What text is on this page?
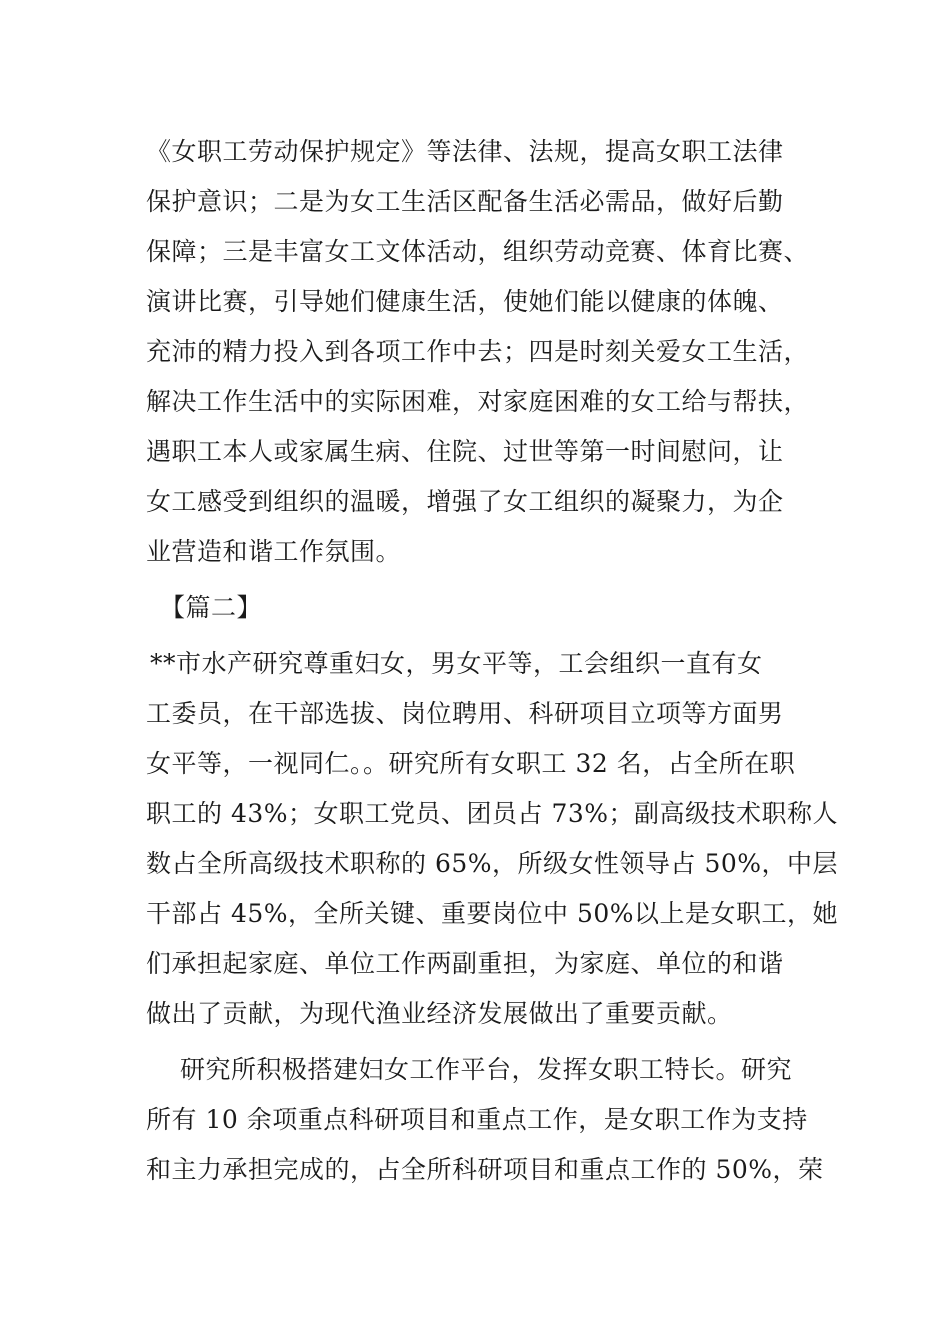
《女职工劳动保护规定》等法律、法规，提高女职工法律
保护意识；二是为女工生活区配备生活必需品，做好后勤
保障；三是丰富女工文体活动，组织劳动竞赛、体育比赛、
演讲比赛，引导她们健康生活，使她们能以健康的体魄、
充沛的精力投入到各项工作中去；四是时刻关爱女工生活，
解决工作生活中的实际困难，对家庭困难的女工给与帮扶，
遇职工本人或家属生病、住院、过世等第一时间慰问，让
女工感受到组织的温暖，增强了女工组织的凝聚力，为企
业营造和谐工作氛围。
【篇二】
**市水产研究尊重妇女，男女平等，工会组织一直有女
工委员，在干部选拔、岗位聘用、科研项目立项等方面男
女平等，一视同仁。。研究所有女职工 32 名，占全所在职
职工的 43%；女职工党员、团员占 73%；副高级技术职称人
数占全所高级技术职称的 65%，所级女性领导占 50%，中层
干部占 45%，全所关键、重要岗位中 50%以上是女职工，她
们承担起家庭、单位工作两副重担，为家庭、单位的和谐
做出了贡献，为现代渔业经济发展做出了重要贡献。
研究所积极搭建妇女工作平台，发挥女职工特长。研究
所有 10 余项重点科研项目和重点工作，是女职工作为支持
和主力承担完成的，占全所科研项目和重点工作的 50%，荣
